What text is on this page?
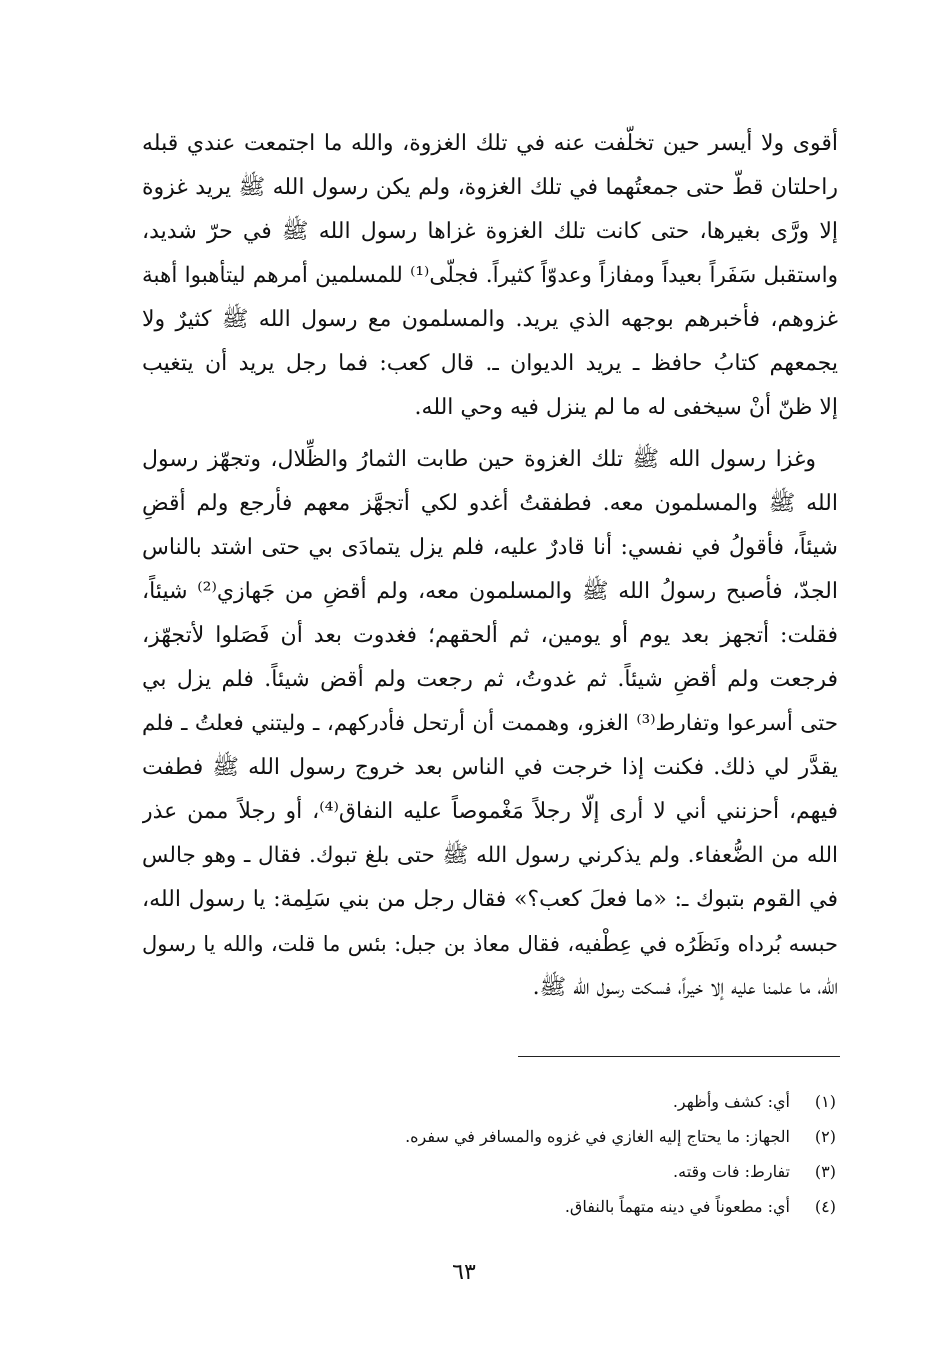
أقوى ولا أيسر حين تخلّفت عنه في تلك الغزوة، والله ما اجتمعت عندي قبله
راحلتان قطّ حتى جمعتُهما في تلك الغزوة، ولم يكن رسول الله ﷺ يريد غزوة
إلا ورَّى بغيرها، حتى كانت تلك الغزوة غزاها رسول الله ﷺ في حرّ شديد،
واستقبل سَفَراً بعيداً ومفازاً وعدوّاً كثيراً. فجلّى⁽¹⁾ للمسلمين أمرهم ليتأهبوا أهبة
غزوهم، فأخبرهم بوجهه الذي يريد. والمسلمون مع رسول الله ﷺ كثيرٌ ولا
يجمعهم كتابُ حافظ ـ يريد الديوان ـ. قال كعب: فما رجل يريد أن يتغيب
إلا ظنّ أنْ سيخفى له ما لم ينزل فيه وحي الله.
وغزا رسول الله ﷺ تلك الغزوة حين طابت الثمارُ والظِّلال، وتجهّز رسول
الله ﷺ والمسلمون معه. فطفقتُ أغدو لكي أتجهَّز معهم فأرجع ولم أقضِ
شيئاً، فأقولُ في نفسي: أنا قادرٌ عليه، فلم يزل يتمادَى بي حتى اشتد بالناس
الجدّ، فأصبح رسولُ الله ﷺ والمسلمون معه، ولم أقضِ من جَهازي⁽²⁾ شيئاً،
فقلت: أتجهز بعد يوم أو يومين، ثم ألحقهم؛ فغدوت بعد أن فَصَلوا لأتجهّز،
فرجعت ولم أقضِ شيئاً. ثم غدوتُ، ثم رجعت ولم أقض شيئاً. فلم يزل بي
حتى أسرعوا وتفارط⁽³⁾ الغزو، وهممت أن أرتحل فأدركهم، ـ وليتني فعلتُ ـ فلم
يقدَّر لي ذلك. فكنت إذا خرجت في الناس بعد خروج رسول الله ﷺ فطفت
فيهم، أحزنني أني لا أرى إلّا رجلاً مَغْموصاً عليه النفاق⁽⁴⁾، أو رجلاً ممن عذر
الله من الضُّعفاء. ولم يذكرني رسول الله ﷺ حتى بلغ تبوك. فقال ـ وهو جالس
في القوم بتبوك ـ: «ما فعلَ كعب؟» فقال رجل من بني سَلِمة: يا رسول الله،
حبسه بُرداه ونَظَرُه في عِطْفيه، فقال معاذ بن جبل: بئس ما قلت، والله يا رسول
الله، ما علمنا عليه إلا خيراً، فسكت رسول الله ﷺ.
(١)
أي: كشف وأظهر.
(٢)
الجهاز: ما يحتاج إليه الغازي في غزوه والمسافر في سفره.
(٣)
تفارط: فات وقته.
(٤)
أي: مطعوناً في دينه متهماً بالنفاق.
٦٣
